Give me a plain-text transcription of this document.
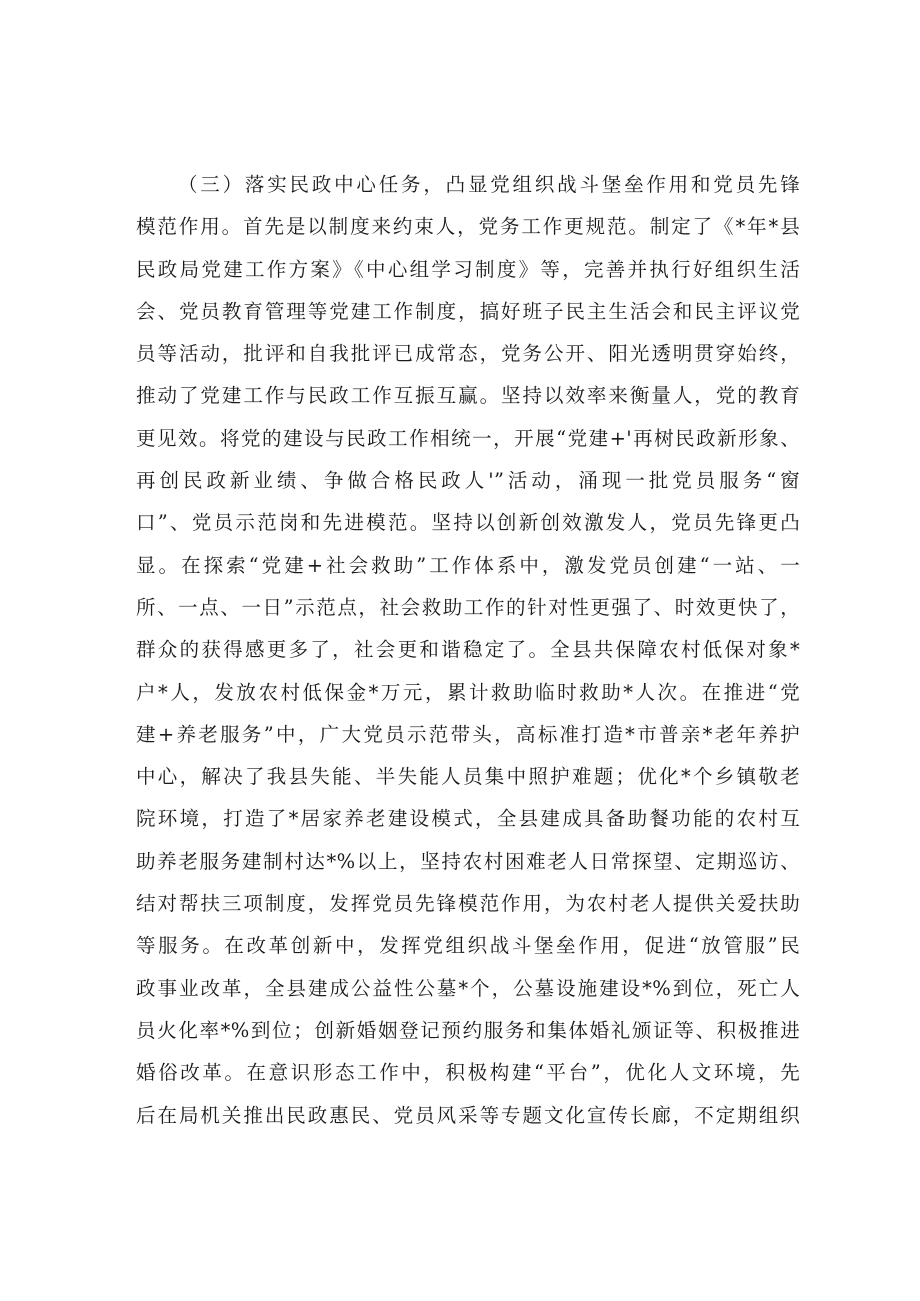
（三）落实民政中心任务，凸显党组织战斗堡垒作用和党员先锋
模范作用。首先是以制度来约束人，党务工作更规范。制定了《*年*县
民政局党建工作方案》《中心组学习制度》等，完善并执行好组织生活
会、党员教育管理等党建工作制度，搞好班子民主生活会和民主评议党
员等活动，批评和自我批评已成常态，党务公开、阳光透明贯穿始终，
推动了党建工作与民政工作互振互赢。坚持以效率来衡量人，党的教育
更见效。将党的建设与民政工作相统一，开展“党建+'再树民政新形象、
再创民政新业绩、争做合格民政人'”活动，涌现一批党员服务“窗
口”、党员示范岗和先进模范。坚持以创新创效激发人，党员先锋更凸
显。在探索“党建+社会救助”工作体系中，激发党员创建“一站、一
所、一点、一日”示范点，社会救助工作的针对性更强了、时效更快了，
群众的获得感更多了，社会更和谐稳定了。全县共保障农村低保对象*
户*人，发放农村低保金*万元，累计救助临时救助*人次。在推进“党
建+养老服务”中，广大党员示范带头，高标准打造*市普亲*老年养护
中心，解决了我县失能、半失能人员集中照护难题；优化*个乡镇敬老
院环境，打造了*居家养老建设模式，全县建成具备助餐功能的农村互
助养老服务建制村达*%以上，坚持农村困难老人日常探望、定期巡访、
结对帮扶三项制度，发挥党员先锋模范作用，为农村老人提供关爱扶助
等服务。在改革创新中，发挥党组织战斗堡垒作用，促进“放管服”民
政事业改革，全县建成公益性公墓*个，公墓设施建设*%到位，死亡人
员火化率*%到位；创新婚姻登记预约服务和集体婚礼颁证等、积极推进
婚俗改革。在意识形态工作中，积极构建“平台”，优化人文环境，先
后在局机关推出民政惠民、党员风采等专题文化宣传长廊，不定期组织
